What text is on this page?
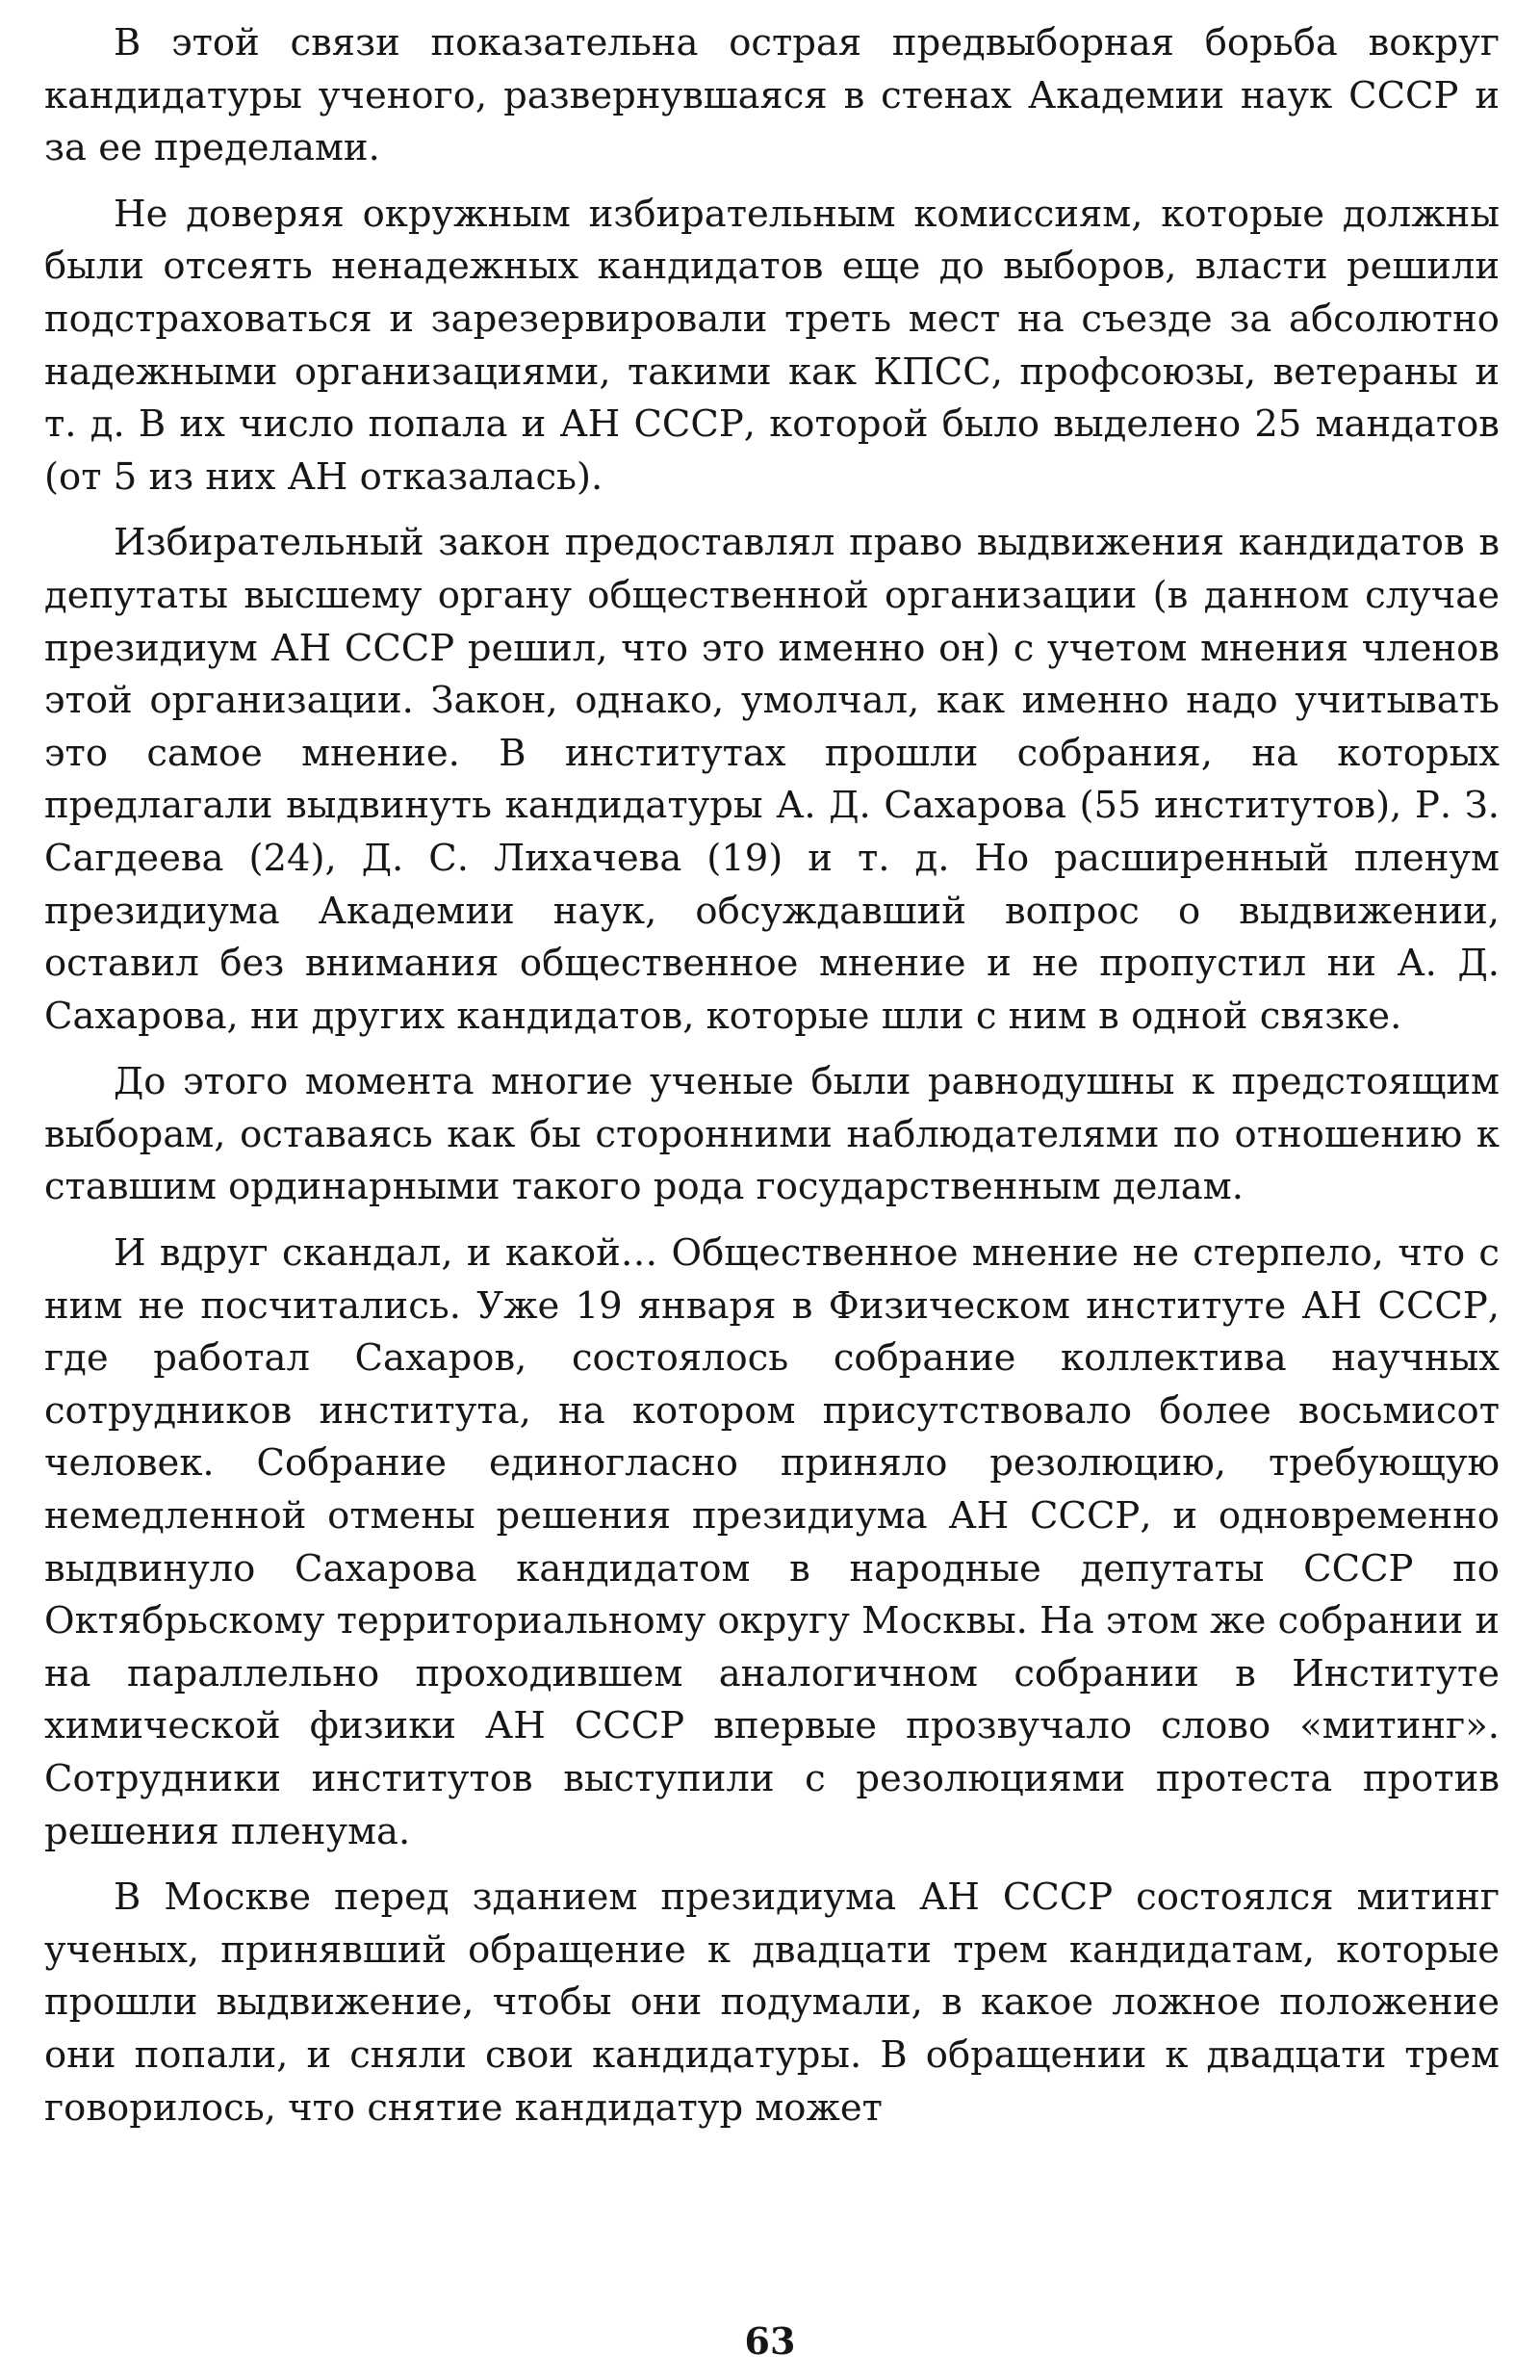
В этой связи показательна острая предвыборная борьба вокруг кандидатуры ученого, развернувшаяся в стенах Академии наук СССР и за ее пределами.

Не доверяя окружным избирательным комиссиям, которые должны были отсеять ненадежных кандидатов еще до выборов, власти решили подстраховаться и зарезервировали треть мест на съезде за абсолютно надежными организациями, такими как КПСС, профсоюзы, ветераны и т. д. В их число попала и АН СССР, которой было выделено 25 мандатов (от 5 из них АН отказалась).

Избирательный закон предоставлял право выдвижения кандидатов в депутаты высшему органу общественной организации (в данном случае президиум АН СССР решил, что это именно он) с учетом мнения членов этой организации. Закон, однако, умолчал, как именно надо учитывать это самое мнение. В институтах прошли собрания, на которых предлагали выдвинуть кандидатуры А. Д. Сахарова (55 институтов), Р. З. Сагдеева (24), Д. С. Лихачева (19) и т. д. Но расширенный пленум президиума Академии наук, обсуждавший вопрос о выдвижении, оставил без внимания общественное мнение и не пропустил ни А. Д. Сахарова, ни других кандидатов, которые шли с ним в одной связке.

До этого момента многие ученые были равнодушны к предстоящим выборам, оставаясь как бы сторонними наблюдателями по отношению к ставшим ординарными такого рода государственным делам.

И вдруг скандал, и какой… Общественное мнение не стерпело, что с ним не посчитались. Уже 19 января в Физическом институте АН СССР, где работал Сахаров, состоялось собрание коллектива научных сотрудников института, на котором присутствовало более восьмисот человек. Собрание единогласно приняло резолюцию, требующую немедленной отмены решения президиума АН СССР, и одновременно выдвинуло Сахарова кандидатом в народные депутаты СССР по Октябрьскому территориальному округу Москвы. На этом же собрании и на параллельно проходившем аналогичном собрании в Институте химической физики АН СССР впервые прозвучало слово «митинг». Сотрудники институтов выступили с резолюциями протеста против решения пленума.

В Москве перед зданием президиума АН СССР состоялся митинг ученых, принявший обращение к двадцати трем кандидатам, которые прошли выдвижение, чтобы они подумали, в какое ложное положение они попали, и сняли свои кандидатуры. В обращении к двадцати трем говорилось, что снятие кандидатур может

63
